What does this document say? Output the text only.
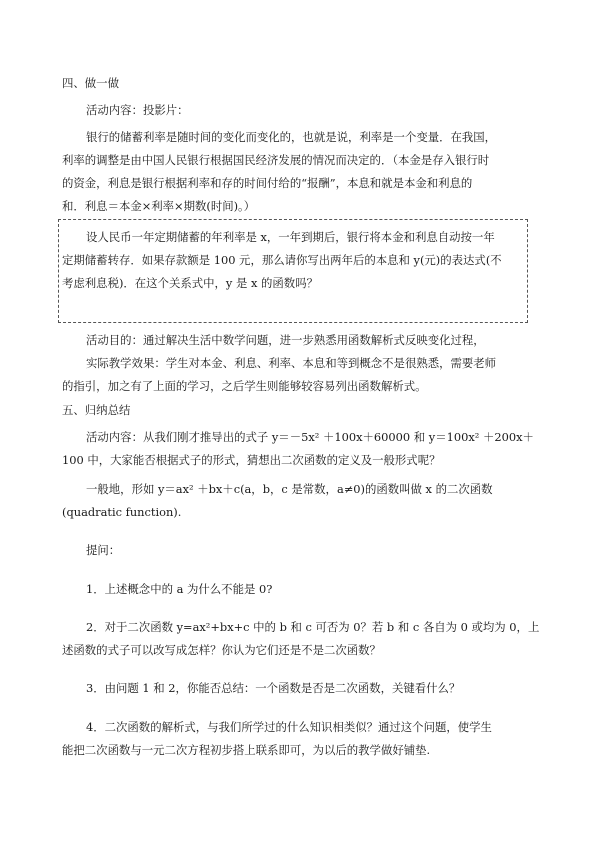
四、做一做
活动内容：投影片：
银行的储蓄利率是随时间的变化而变化的，也就是说，利率是一个变量．在我国，
利率的调整是由中国人民银行根据国民经济发展的情况而决定的．（本金是存入银行时
的资金，利息是银行根据利率和存的时间付给的“报酬”，本息和就是本金和利息的
和．利息＝本金×利率×期数(时间)。）
设人民币一年定期储蓄的年利率是 x，一年到期后，银行将本金和利息自动按一年
定期储蓄转存．如果存款额是 100 元，那么请你写出两年后的本息和 y(元)的表达式(不
考虑利息税)．在这个关系式中，y 是 x 的函数吗？
活动目的：通过解决生活中数学问题，进一步熟悉用函数解析式反映变化过程，
实际教学效果：学生对本金、利息、利率、本息和等到概念不是很熟悉，需要老师
的指引，加之有了上面的学习，之后学生则能够较容易列出函数解析式。
五、归纳总结
活动内容：从我们刚才推导出的式子 y＝－5x² ＋100x＋60000 和 y＝100x² ＋200x＋
100 中，大家能否根据式子的形式，猜想出二次函数的定义及一般形式呢？
一般地，形如 y＝ax² ＋bx＋c(a，b，c 是常数，a≠0)的函数叫做 x 的二次函数
(quadratic function).
提问：
1．上述概念中的 a 为什么不能是 0?
2．对于二次函数 y=ax²+bx+c 中的 b 和 c 可否为 0？若 b 和 c 各自为 0 或均为 0，上
述函数的式子可以改写成怎样？你认为它们还是不是二次函数？
3．由问题 1 和 2，你能否总结：一个函数是否是二次函数，关键看什么？
4．二次函数的解析式，与我们所学过的什么知识相类似？通过这个问题，使学生
能把二次函数与一元二次方程初步搭上联系即可，为以后的教学做好铺垫.
